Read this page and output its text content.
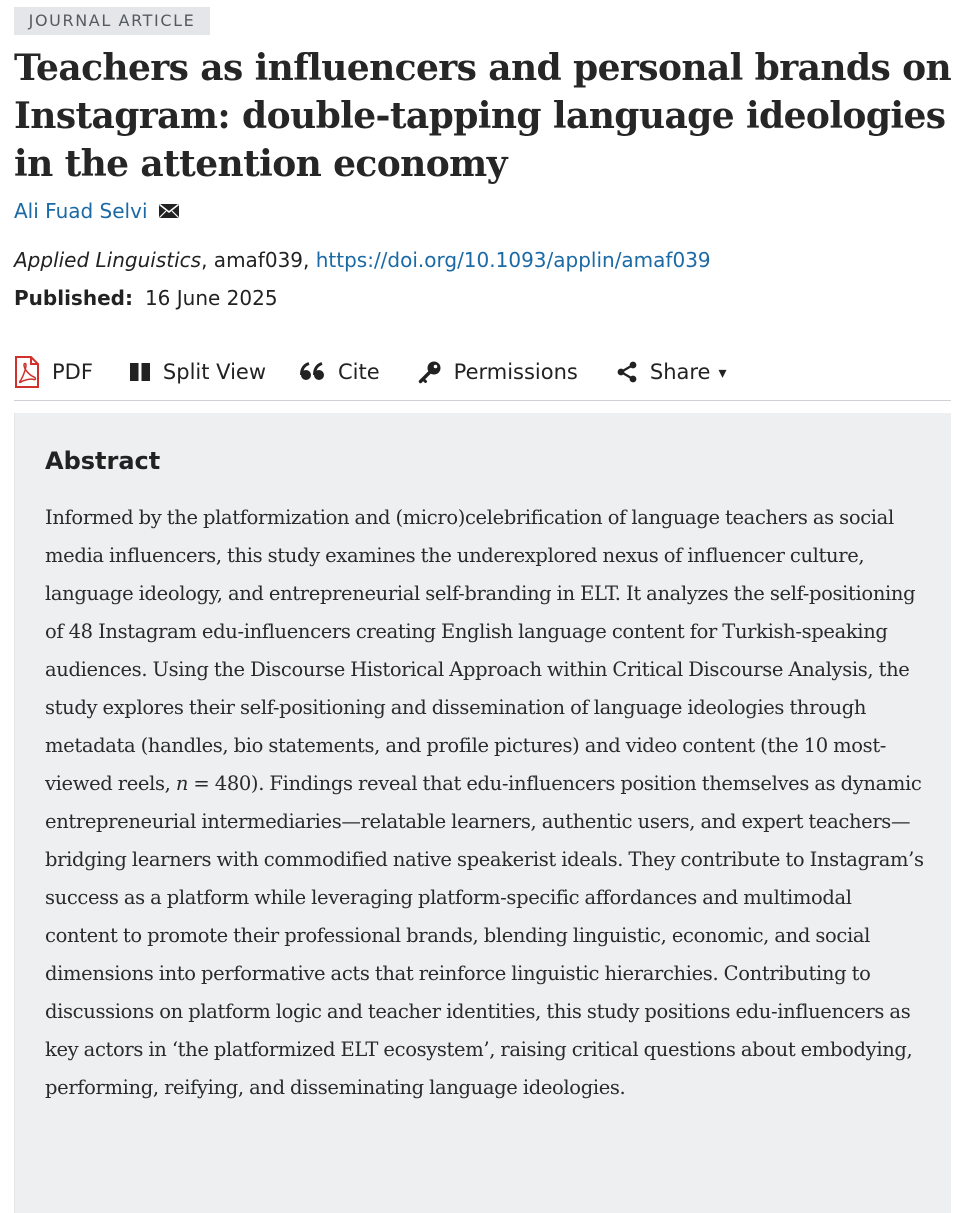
JOURNAL ARTICLE
Teachers as influencers and personal brands on Instagram: double-tapping language ideologies in the attention economy
Ali Fuad Selvi
Applied Linguistics, amaf039, https://doi.org/10.1093/applin/amaf039
Published: 16 June 2025
PDF	Split View	Cite	Permissions	Share ▾
Abstract

Informed by the platformization and (micro)celebrification of language teachers as social media influencers, this study examines the underexplored nexus of influencer culture, language ideology, and entrepreneurial self-branding in ELT. It analyzes the self-positioning of 48 Instagram edu-influencers creating English language content for Turkish-speaking audiences. Using the Discourse Historical Approach within Critical Discourse Analysis, the study explores their self-positioning and dissemination of language ideologies through metadata (handles, bio statements, and profile pictures) and video content (the 10 most-viewed reels, n = 480). Findings reveal that edu-influencers position themselves as dynamic entrepreneurial intermediaries—relatable learners, authentic users, and expert teachers—bridging learners with commodified native speakerist ideals. They contribute to Instagram’s success as a platform while leveraging platform-specific affordances and multimodal content to promote their professional brands, blending linguistic, economic, and social dimensions into performative acts that reinforce linguistic hierarchies. Contributing to discussions on platform logic and teacher identities, this study positions edu-influencers as key actors in ‘the platformized ELT ecosystem’, raising critical questions about embodying, performing, reifying, and disseminating language ideologies.
